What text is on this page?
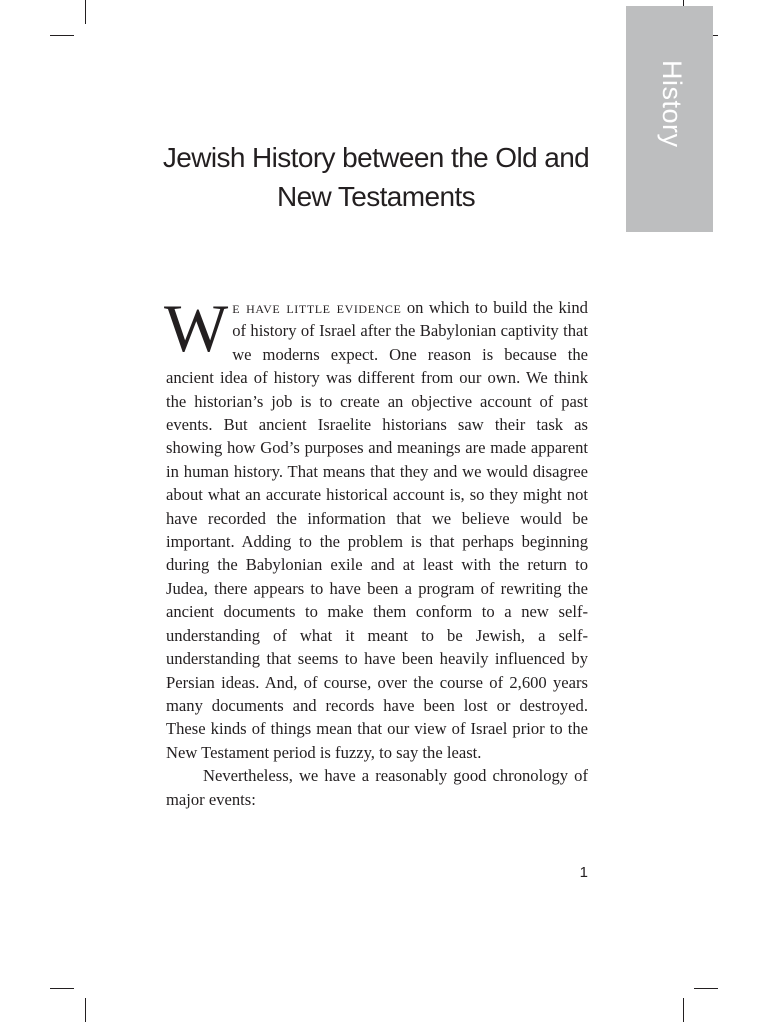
History
Jewish History between the Old and New Testaments

We have little evidence on which to build the kind of history of Israel after the Babylonian captivity that we moderns expect. One reason is because the ancient idea of history was different from our own. We think the historian’s job is to create an objective account of past events. But ancient Israelite historians saw their task as showing how God’s purposes and meanings are made apparent in human history. That means that they and we would disagree about what an accurate historical account is, so they might not have recorded the information that we believe would be important. Adding to the problem is that perhaps beginning during the Babylonian exile and at least with the return to Judea, there appears to have been a program of rewriting the ancient documents to make them conform to a new self-understanding of what it meant to be Jewish, a self-understanding that seems to have been heavily influenced by Persian ideas. And, of course, over the course of 2,600 years many documents and records have been lost or destroyed. These kinds of things mean that our view of Israel prior to the New Testament period is fuzzy, to say the least.

Nevertheless, we have a reasonably good chronology of major events:

1
